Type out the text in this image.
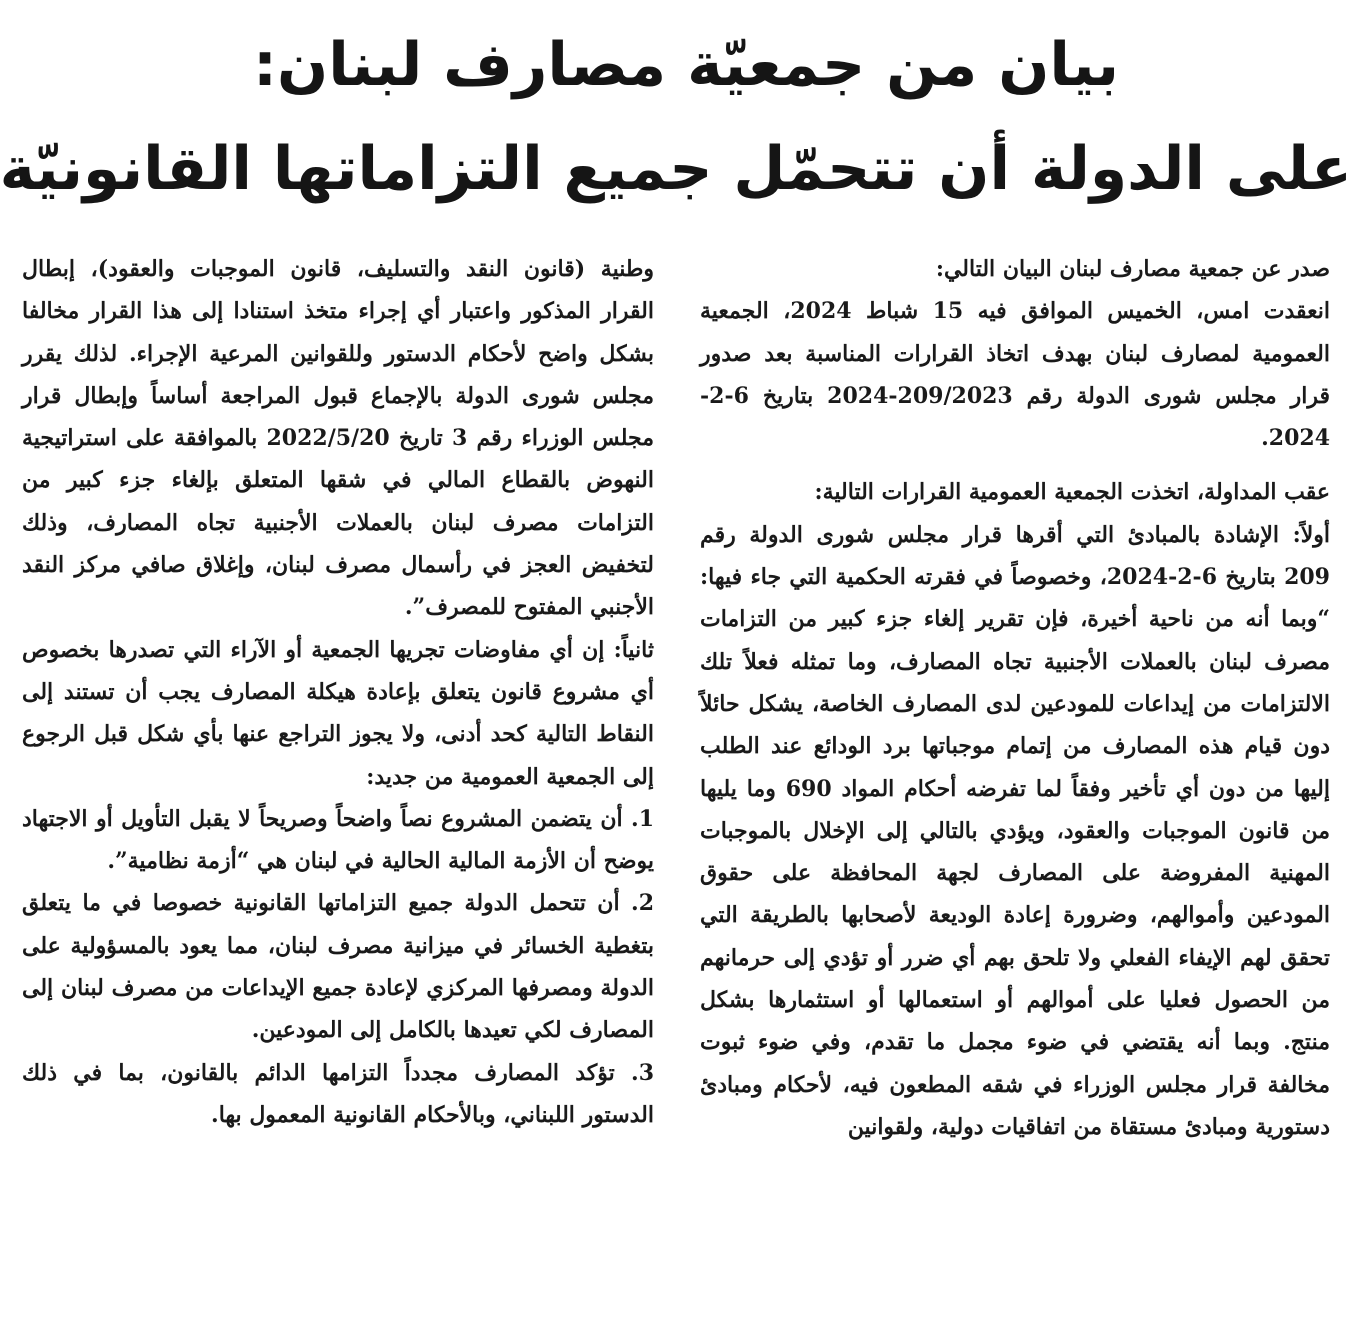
بيان من جمعيّة مصارف لبنان:
على الدولة أن تتحمّل جميع التزاماتها القانونيّة

صدر عن جمعية مصارف لبنان البيان التالي:

انعقدت امس، الخميس الموافق فيه 15 شباط 2024، الجمعية العمومية لمصارف لبنان بهدف اتخاذ القرارات المناسبة بعد صدور قرار مجلس شورى الدولة رقم 209/2023-2024 بتاريخ 6-2-2024.

عقب المداولة، اتخذت الجمعية العمومية القرارات التالية:

أولاً: الإشادة بالمبادئ التي أقرها قرار مجلس شورى الدولة رقم 209 بتاريخ 6-2-2024، وخصوصاً في فقرته الحكمية التي جاء فيها: “وبما أنه من ناحية أخيرة، فإن تقرير إلغاء جزء كبير من التزامات مصرف لبنان بالعملات الأجنبية تجاه المصارف، وما تمثله فعلاً تلك الالتزامات من إيداعات للمودعين لدى المصارف الخاصة، يشكل حائلاً دون قيام هذه المصارف من إتمام موجباتها برد الودائع عند الطلب إليها من دون أي تأخير وفقاً لما تفرضه أحكام المواد 690 وما يليها من قانون الموجبات والعقود، ويؤدي بالتالي إلى الإخلال بالموجبات المهنية المفروضة على المصارف لجهة المحافظة على حقوق المودعين وأموالهم، وضرورة إعادة الوديعة لأصحابها بالطريقة التي تحقق لهم الإيفاء الفعلي ولا تلحق بهم أي ضرر أو تؤدي إلى حرمانهم من الحصول فعليا على أموالهم أو استعمالها أو استثمارها بشكل منتج. وبما أنه يقتضي في ضوء مجمل ما تقدم، وفي ضوء ثبوت مخالفة قرار مجلس الوزراء في شقه المطعون فيه، لأحكام ومبادئ دستورية ومبادئ مستقاة من اتفاقيات دولية، ولقوانين

وطنية (قانون النقد والتسليف، قانون الموجبات والعقود)، إبطال القرار المذكور واعتبار أي إجراء متخذ استنادا إلى هذا القرار مخالفا بشكل واضح لأحكام الدستور وللقوانين المرعية الإجراء. لذلك يقرر مجلس شورى الدولة بالإجماع قبول المراجعة أساساً وإبطال قرار مجلس الوزراء رقم 3 تاريخ 2022/5/20 بالموافقة على استراتيجية النهوض بالقطاع المالي في شقها المتعلق بإلغاء جزء كبير من التزامات مصرف لبنان بالعملات الأجنبية تجاه المصارف، وذلك لتخفيض العجز في رأسمال مصرف لبنان، وإغلاق صافي مركز النقد الأجنبي المفتوح للمصرف”.

ثانياً: إن أي مفاوضات تجريها الجمعية أو الآراء التي تصدرها بخصوص أي مشروع قانون يتعلق بإعادة هيكلة المصارف يجب أن تستند إلى النقاط التالية كحد أدنى، ولا يجوز التراجع عنها بأي شكل قبل الرجوع إلى الجمعية العمومية من جديد:

1. أن يتضمن المشروع نصاً واضحاً وصريحاً لا يقبل التأويل أو الاجتهاد يوضح أن الأزمة المالية الحالية في لبنان هي “أزمة نظامية”.

2. أن تتحمل الدولة جميع التزاماتها القانونية خصوصا في ما يتعلق بتغطية الخسائر في ميزانية مصرف لبنان، مما يعود بالمسؤولية على الدولة ومصرفها المركزي لإعادة جميع الإيداعات من مصرف لبنان إلى المصارف لكي تعيدها بالكامل إلى المودعين.

3. تؤكد المصارف مجدداً التزامها الدائم بالقانون، بما في ذلك الدستور اللبناني، وبالأحكام القانونية المعمول بها.
